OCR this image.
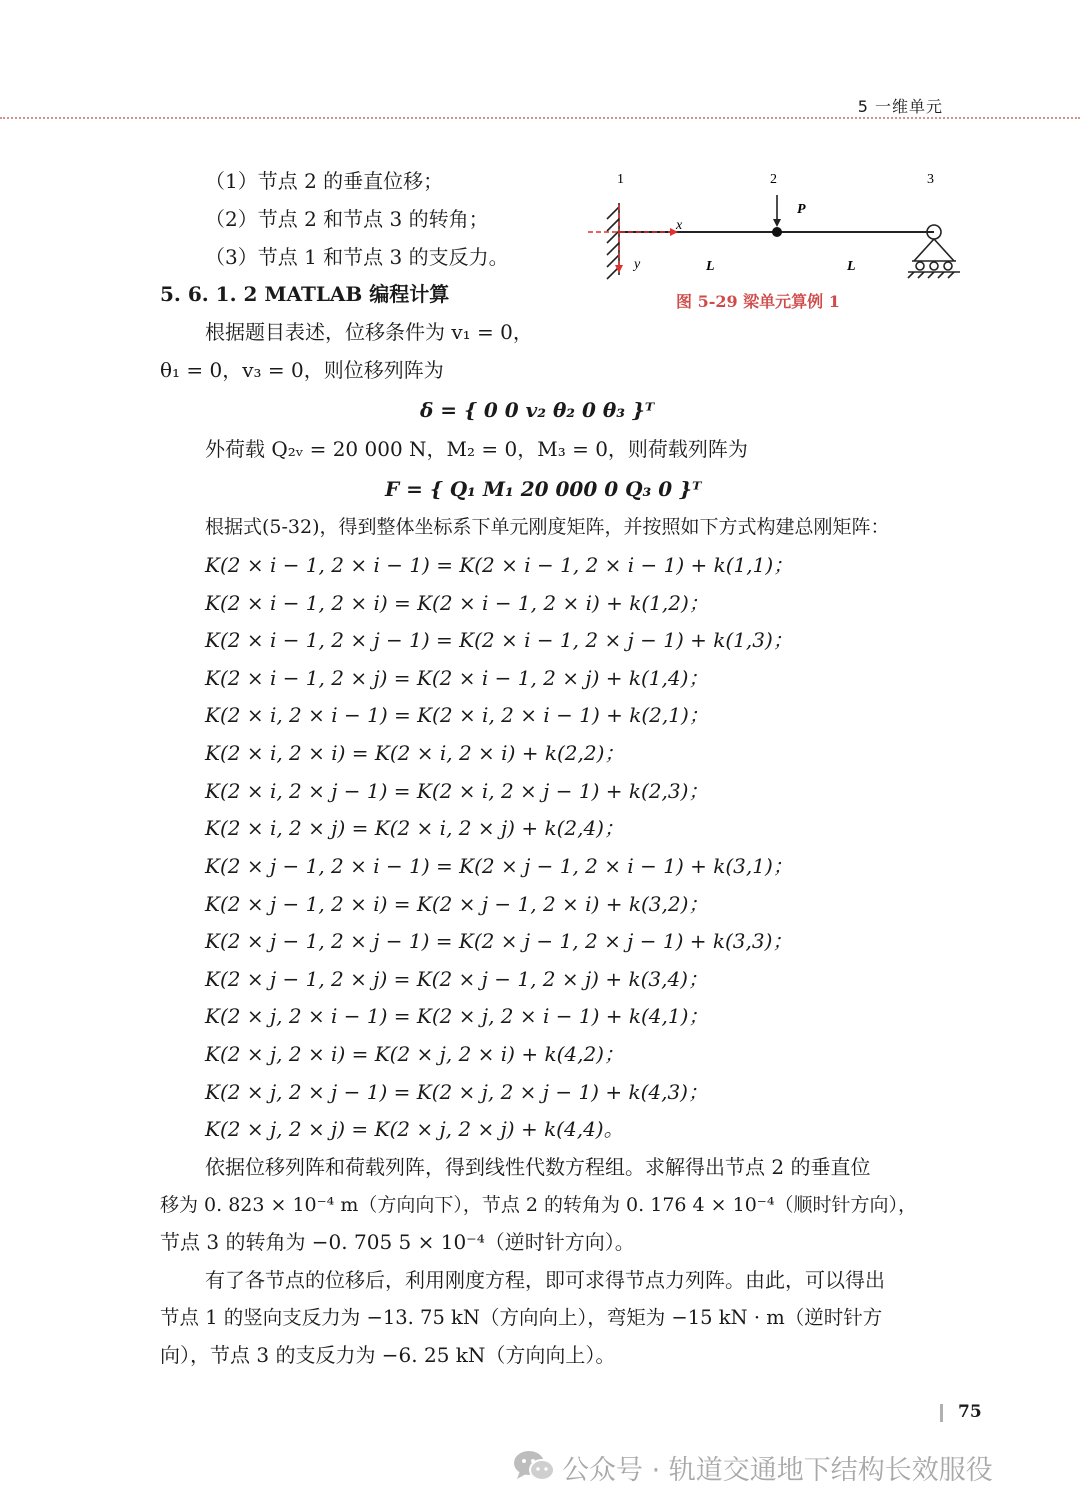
5 一维单元
1	2	3
x
y
P
L	L
图 5-29 梁单元算例 1
（1）节点 2 的垂直位移；
（2）节点 2 和节点 3 的转角；
（3）节点 1 和节点 3 的支反力。
5. 6. 1. 2 MATLAB 编程计算
根据题目表述，位移条件为 v₁ = 0，
θ₁ = 0，v₃ = 0，则位移列阵为
δ = { 0 0 v₂ θ₂ 0 θ₃ }ᵀ
外荷载 Q₂ᵥ = 20 000 N，M₂ = 0，M₃ = 0，则荷载列阵为
F = { Q₁ M₁ 20 000 0 Q₃ 0 }ᵀ
根据式(5-32)，得到整体坐标系下单元刚度矩阵，并按照如下方式构建总刚矩阵：
K(2 × i − 1, 2 × i − 1) = K(2 × i − 1, 2 × i − 1) + k(1,1)；
K(2 × i − 1, 2 × i) = K(2 × i − 1, 2 × i) + k(1,2)；
K(2 × i − 1, 2 × j − 1) = K(2 × i − 1, 2 × j − 1) + k(1,3)；
K(2 × i − 1, 2 × j) = K(2 × i − 1, 2 × j) + k(1,4)；
K(2 × i, 2 × i − 1) = K(2 × i, 2 × i − 1) + k(2,1)；
K(2 × i, 2 × i) = K(2 × i, 2 × i) + k(2,2)；
K(2 × i, 2 × j − 1) = K(2 × i, 2 × j − 1) + k(2,3)；
K(2 × i, 2 × j) = K(2 × i, 2 × j) + k(2,4)；
K(2 × j − 1, 2 × i − 1) = K(2 × j − 1, 2 × i − 1) + k(3,1)；
K(2 × j − 1, 2 × i) = K(2 × j − 1, 2 × i) + k(3,2)；
K(2 × j − 1, 2 × j − 1) = K(2 × j − 1, 2 × j − 1) + k(3,3)；
K(2 × j − 1, 2 × j) = K(2 × j − 1, 2 × j) + k(3,4)；
K(2 × j, 2 × i − 1) = K(2 × j, 2 × i − 1) + k(4,1)；
K(2 × j, 2 × i) = K(2 × j, 2 × i) + k(4,2)；
K(2 × j, 2 × j − 1) = K(2 × j, 2 × j − 1) + k(4,3)；
K(2 × j, 2 × j) = K(2 × j, 2 × j) + k(4,4)。
依据位移列阵和荷载列阵，得到线性代数方程组。求解得出节点 2 的垂直位
移为 0. 823 × 10⁻⁴ m（方向向下），节点 2 的转角为 0. 176 4 × 10⁻⁴（顺时针方向），
节点 3 的转角为 −0. 705 5 × 10⁻⁴（逆时针方向）。
有了各节点的位移后，利用刚度方程，即可求得节点力列阵。由此，可以得出
节点 1 的竖向支反力为 −13. 75 kN（方向向上），弯矩为 −15 kN · m（逆时针方
向），节点 3 的支反力为 −6. 25 kN（方向向上）。
75
公众号 · 轨道交通地下结构长效服役
